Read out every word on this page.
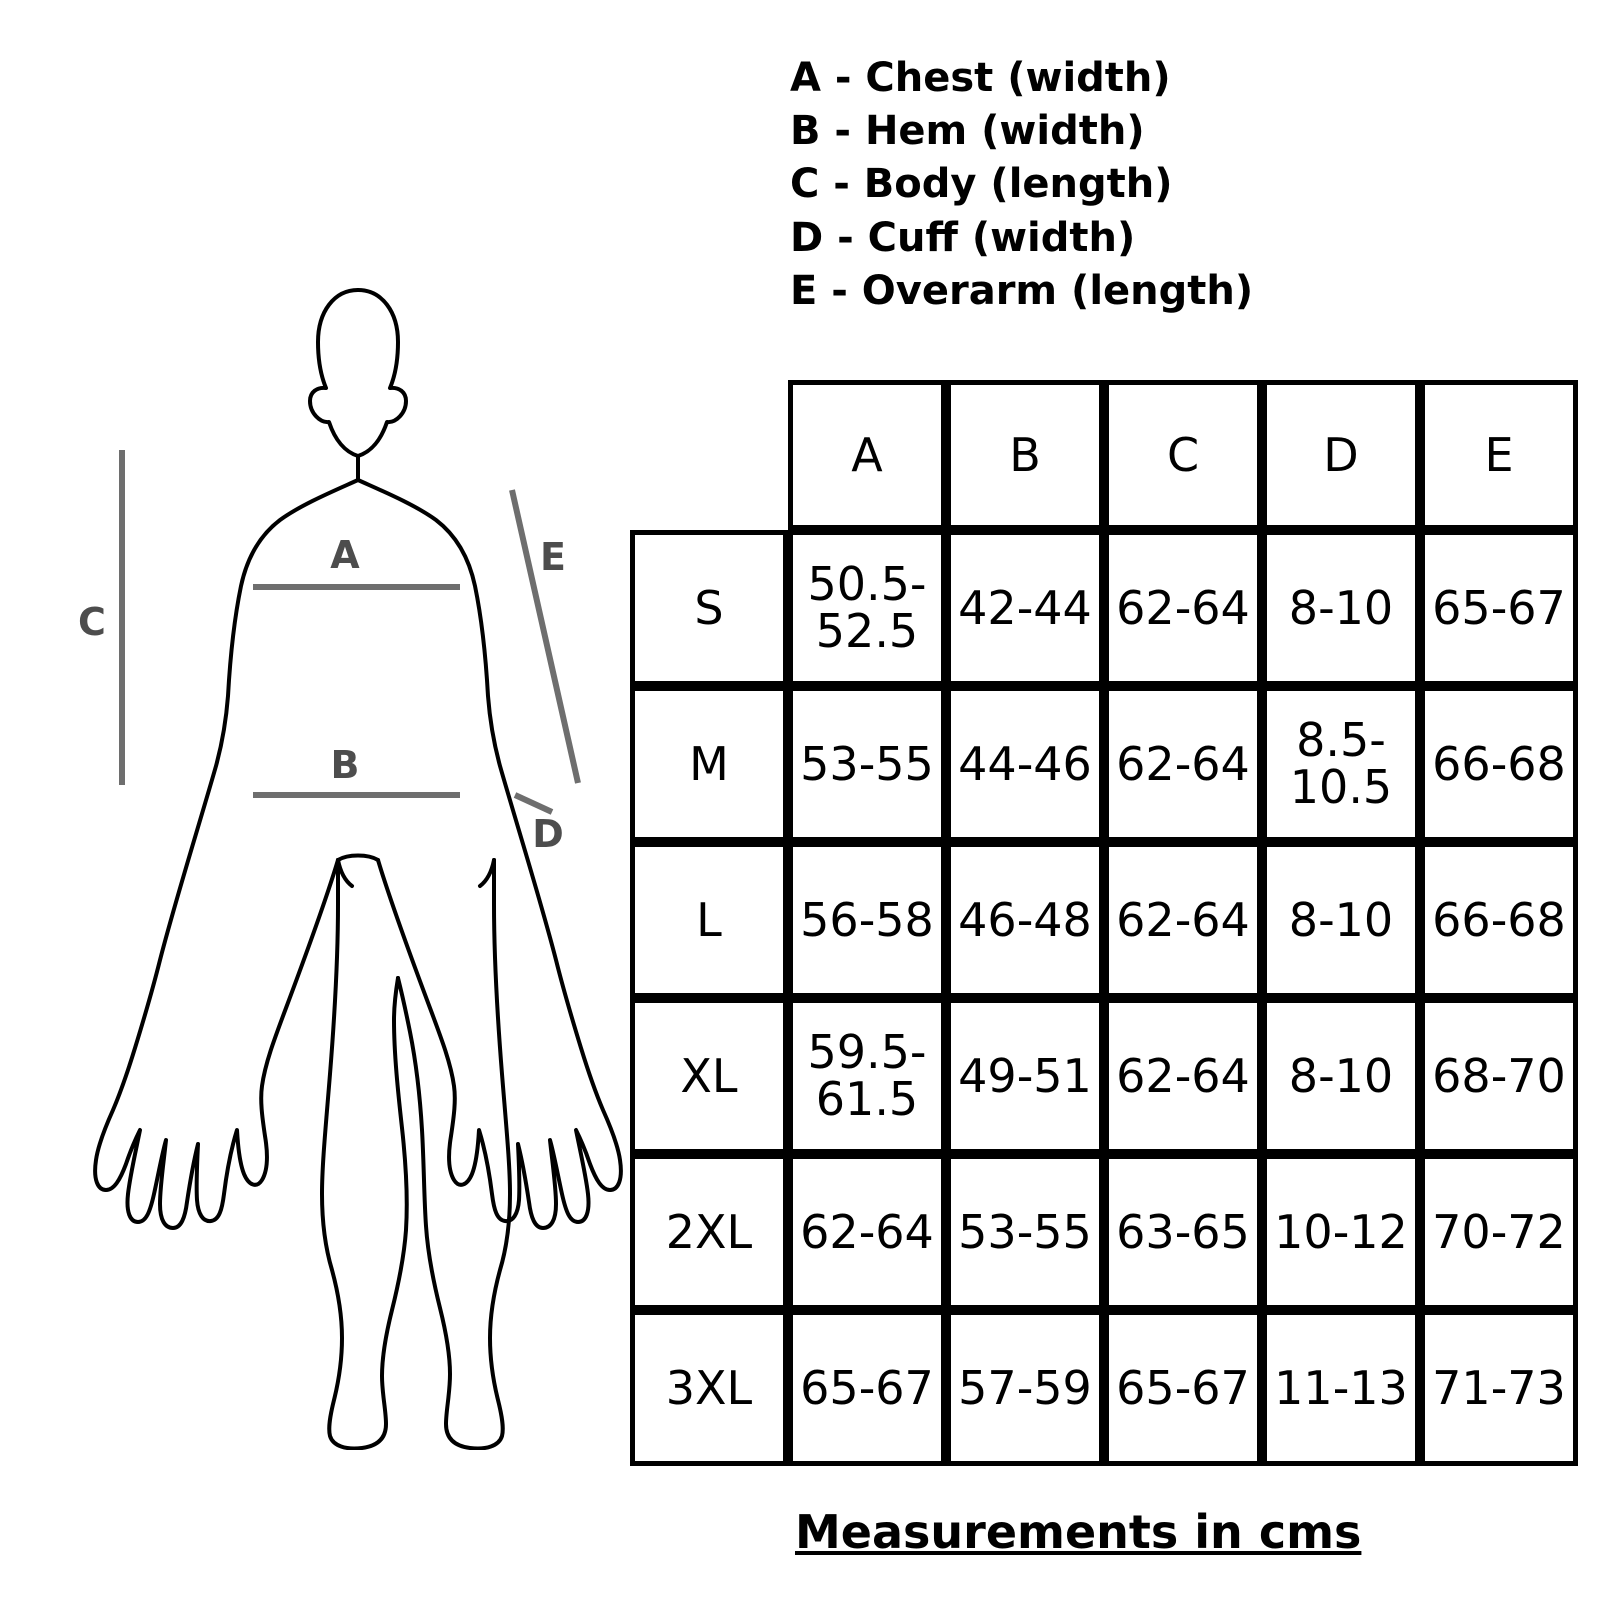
A - Chest (width)
B - Hem (width)
C - Body (length)
D - Cuff (width)
E - Overarm (length)
A
B
C
D
E
	A	B	C	D	E
S	50.5-52.5	42-44	62-64	8-10	65-67
M	53-55	44-46	62-64	8.5-10.5	66-68
L	56-58	46-48	62-64	8-10	66-68
XL	59.5-61.5	49-51	62-64	8-10	68-70
2XL	62-64	53-55	63-65	10-12	70-72
3XL	65-67	57-59	65-67	11-13	71-73
Measurements in cms
